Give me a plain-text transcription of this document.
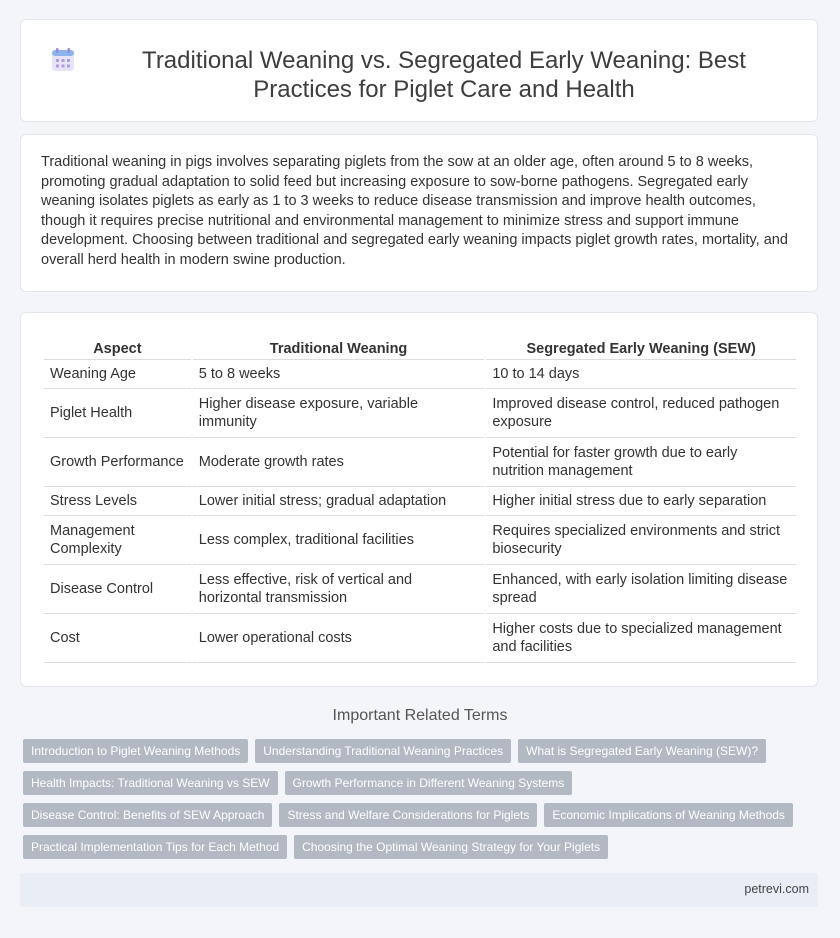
Traditional Weaning vs. Segregated Early Weaning: Best Practices for Piglet Care and Health

Traditional weaning in pigs involves separating piglets from the sow at an older age, often around 5 to 8 weeks, promoting gradual adaptation to solid feed but increasing exposure to sow-borne pathogens. Segregated early weaning isolates piglets as early as 1 to 3 weeks to reduce disease transmission and improve health outcomes, though it requires precise nutritional and environmental management to minimize stress and support immune development. Choosing between traditional and segregated early weaning impacts piglet growth rates, mortality, and overall herd health in modern swine production.

Aspect	Traditional Weaning	Segregated Early Weaning (SEW)
Weaning Age	5 to 8 weeks	10 to 14 days
Piglet Health	Higher disease exposure, variable immunity	Improved disease control, reduced pathogen exposure
Growth Performance	Moderate growth rates	Potential for faster growth due to early nutrition management
Stress Levels	Lower initial stress; gradual adaptation	Higher initial stress due to early separation
Management Complexity	Less complex, traditional facilities	Requires specialized environments and strict biosecurity
Disease Control	Less effective, risk of vertical and horizontal transmission	Enhanced, with early isolation limiting disease spread
Cost	Lower operational costs	Higher costs due to specialized management and facilities
Important Related Terms
Introduction to Piglet Weaning Methods	Understanding Traditional Weaning Practices	What is Segregated Early Weaning (SEW)?
Health Impacts: Traditional Weaning vs SEW	Growth Performance in Different Weaning Systems
Disease Control: Benefits of SEW Approach	Stress and Welfare Considerations for Piglets	Economic Implications of Weaning Methods
Practical Implementation Tips for Each Method	Choosing the Optimal Weaning Strategy for Your Piglets
petrevi.com
